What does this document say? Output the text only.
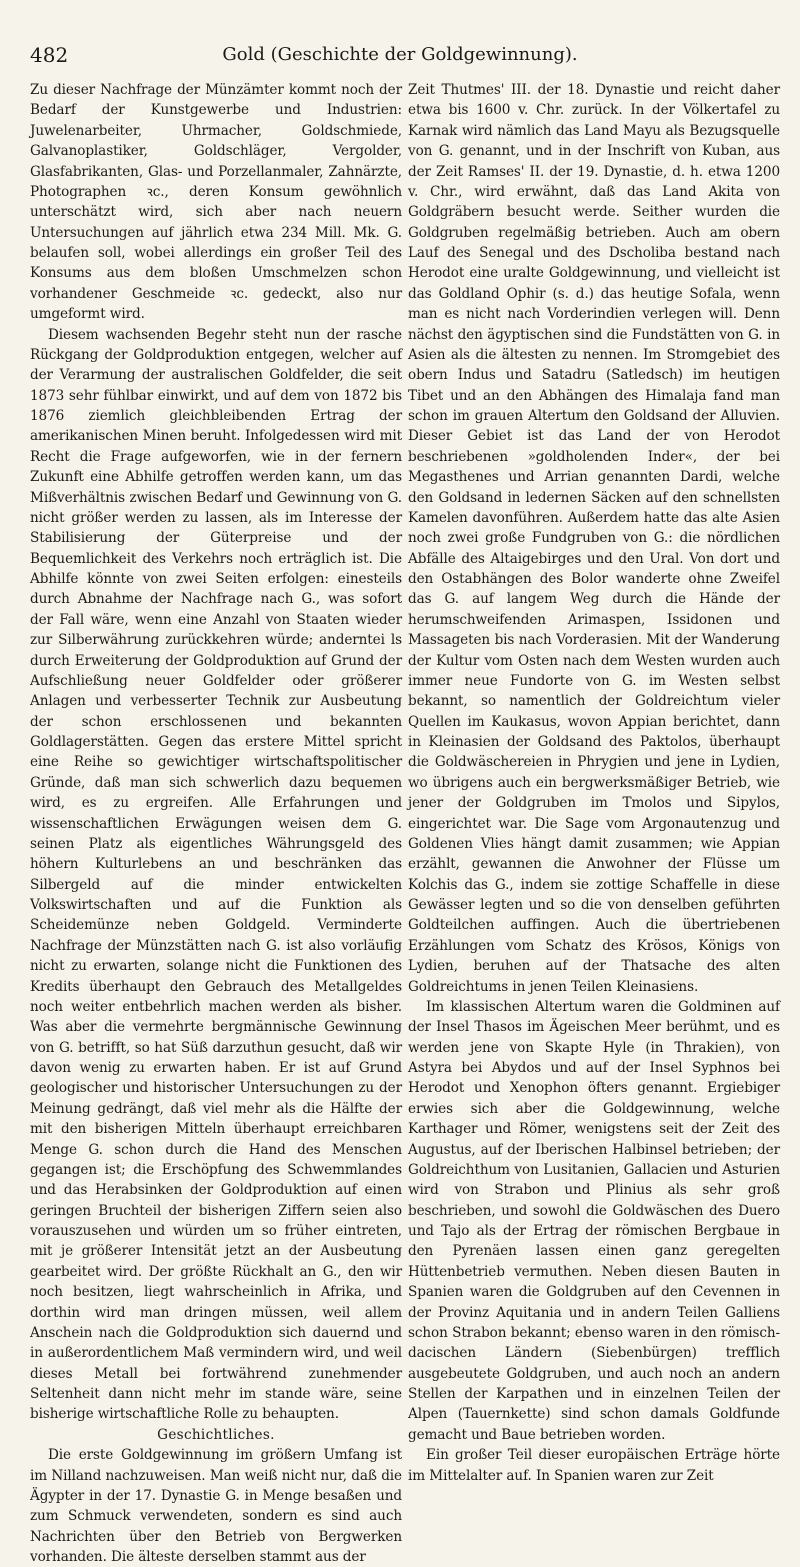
482	Gold (Geschichte der Goldgewinnung).

Zu dieser Nachfrage der Münzämter kommt noch der Bedarf der Kunstgewerbe und Industrien: Juwelenarbeiter, Uhrmacher, Goldschmiede, Galvanoplastiker, Goldschläger, Vergolder, Glasfabrikanten, Glas- und Porzellanmaler, Zahnärzte, Photographen ꝛc., deren Konsum gewöhnlich unterschätzt wird, sich aber nach neuern Untersuchungen auf jährlich etwa 234 Mill. Mk. G. belaufen soll, wobei allerdings ein großer Teil des Konsums aus dem bloßen Umschmelzen schon vorhandener Geschmeide ꝛc. gedeckt, also nur umgeformt wird.

Diesem wachsenden Begehr steht nun der rasche Rückgang der Goldproduktion entgegen, welcher auf der Verarmung der australischen Goldfelder, die seit 1873 sehr fühlbar einwirkt, und auf dem von 1872 bis 1876 ziemlich gleichbleibenden Ertrag der amerikanischen Minen beruht. Infolgedessen wird mit Recht die Frage aufgeworfen, wie in der fernern Zukunft eine Abhilfe getroffen werden kann, um das Mißverhältnis zwischen Bedarf und Gewinnung von G. nicht größer werden zu lassen, als im Interesse der Stabilisierung der Güterpreise und der Bequemlichkeit des Verkehrs noch erträglich ist. Die Abhilfe könnte von zwei Seiten erfolgen: einesteils durch Abnahme der Nachfrage nach G., was sofort der Fall wäre, wenn eine Anzahl von Staaten wieder zur Silberwährung zurückkehren würde; anderntei ls durch Erweiterung der Goldproduktion auf Grund der Aufschließung neuer Goldfelder oder größerer Anlagen und verbesserter Technik zur Ausbeutung der schon erschlossenen und bekannten Goldlagerstätten. Gegen das erstere Mittel spricht eine Reihe so gewichtiger wirtschaftspolitischer Gründe, daß man sich schwerlich dazu bequemen wird, es zu ergreifen. Alle Erfahrungen und wissenschaftlichen Erwägungen weisen dem G. seinen Platz als eigentliches Währungsgeld des höhern Kulturlebens an und beschränken das Silbergeld auf die minder entwickelten Volkswirtschaften und auf die Funktion als Scheidemünze neben Goldgeld. Verminderte Nachfrage der Münzstätten nach G. ist also vorläufig nicht zu erwarten, solange nicht die Funktionen des Kredits überhaupt den Gebrauch des Metallgeldes noch weiter entbehrlich machen werden als bisher. Was aber die vermehrte bergmännische Gewinnung von G. betrifft, so hat Süß darzuthun gesucht, daß wir davon wenig zu erwarten haben. Er ist auf Grund geologischer und historischer Untersuchungen zu der Meinung gedrängt, daß viel mehr als die Hälfte der mit den bisherigen Mitteln überhaupt erreichbaren Menge G. schon durch die Hand des Menschen gegangen ist; die Erschöpfung des Schwemmlandes und das Herabsinken der Goldproduktion auf einen geringen Bruchteil der bisherigen Ziffern seien also vorauszusehen und würden um so früher eintreten, mit je größerer Intensität jetzt an der Ausbeutung gearbeitet wird. Der größte Rückhalt an G., den wir noch besitzen, liegt wahrscheinlich in Afrika, und dorthin wird man dringen müssen, weil allem Anschein nach die Goldproduktion sich dauernd und in außerordentlichem Maß vermindern wird, und weil dieses Metall bei fortwährend zunehmender Seltenheit dann nicht mehr im stande wäre, seine bisherige wirtschaftliche Rolle zu behaupten.

Geschichtliches.

Die erste Goldgewinnung im größern Umfang ist im Nilland nachzuweisen. Man weiß nicht nur, daß die Ägypter in der 17. Dynastie G. in Menge besaßen und zum Schmuck verwendeten, sondern es sind auch Nachrichten über den Betrieb von Bergwerken vorhanden. Die älteste derselben stammt aus der

Zeit Thutmes' III. der 18. Dynastie und reicht daher etwa bis 1600 v. Chr. zurück. In der Völkertafel zu Karnak wird nämlich das Land Mayu als Bezugsquelle von G. genannt, und in der Inschrift von Kuban, aus der Zeit Ramses' II. der 19. Dynastie, d. h. etwa 1200 v. Chr., wird erwähnt, daß das Land Akita von Goldgräbern besucht werde. Seither wurden die Goldgruben regelmäßig betrieben. Auch am obern Lauf des Senegal und des Dscholiba bestand nach Herodot eine uralte Goldgewinnung, und vielleicht ist das Goldland Ophir (s. d.) das heutige Sofala, wenn man es nicht nach Vorderindien verlegen will. Denn nächst den ägyptischen sind die Fundstätten von G. in Asien als die ältesten zu nennen. Im Stromgebiet des obern Indus und Satadru (Satledsch) im heutigen Tibet und an den Abhängen des Himalaja fand man schon im grauen Altertum den Goldsand der Alluvien. Dieser Gebiet ist das Land der von Herodot beschriebenen »goldholenden Inder«, der bei Megasthenes und Arrian genannten Dardi, welche den Goldsand in ledernen Säcken auf den schnellsten Kamelen davonführen. Außerdem hatte das alte Asien noch zwei große Fundgruben von G.: die nördlichen Abfälle des Altaigebirges und den Ural. Von dort und den Ostabhängen des Bolor wanderte ohne Zweifel das G. auf langem Weg durch die Hände der herumschweifenden Arimaspen, Issidonen und Massageten bis nach Vorderasien. Mit der Wanderung der Kultur vom Osten nach dem Westen wurden auch immer neue Fundorte von G. im Westen selbst bekannt, so namentlich der Goldreichtum vieler Quellen im Kaukasus, wovon Appian berichtet, dann in Kleinasien der Goldsand des Paktolos, überhaupt die Goldwäschereien in Phrygien und jene in Lydien, wo übrigens auch ein bergwerksmäßiger Betrieb, wie jener der Goldgruben im Tmolos und Sipylos, eingerichtet war. Die Sage vom Argonautenzug und Goldenen Vlies hängt damit zusammen; wie Appian erzählt, gewannen die Anwohner der Flüsse um Kolchis das G., indem sie zottige Schaffelle in diese Gewässer legten und so die von denselben geführten Goldteilchen auffingen. Auch die übertriebenen Erzählungen vom Schatz des Krösos, Königs von Lydien, beruhen auf der Thatsache des alten Goldreichtums in jenen Teilen Kleinasiens.

Im klassischen Altertum waren die Goldminen auf der Insel Thasos im Ägeischen Meer berühmt, und es werden jene von Skapte Hyle (in Thrakien), von Astyra bei Abydos und auf der Insel Syphnos bei Herodot und Xenophon öfters genannt. Ergiebiger erwies sich aber die Goldgewinnung, welche Karthager und Römer, wenigstens seit der Zeit des Augustus, auf der Iberischen Halbinsel betrieben; der Goldreichthum von Lusitanien, Gallacien und Asturien wird von Strabon und Plinius als sehr groß beschrieben, und sowohl die Goldwäschen des Duero und Tajo als der Ertrag der römischen Bergbaue in den Pyrenäen lassen einen ganz geregelten Hüttenbetrieb vermuthen. Neben diesen Bauten in Spanien waren die Goldgruben auf den Cevennen in der Provinz Aquitania und in andern Teilen Galliens schon Strabon bekannt; ebenso waren in den römisch-dacischen Ländern (Siebenbürgen) trefflich ausgebeutete Goldgruben, und auch noch an andern Stellen der Karpathen und in einzelnen Teilen der Alpen (Tauernkette) sind schon damals Goldfunde gemacht und Baue betrieben worden.

Ein großer Teil dieser europäischen Erträge hörte im Mittelalter auf. In Spanien waren zur Zeit
